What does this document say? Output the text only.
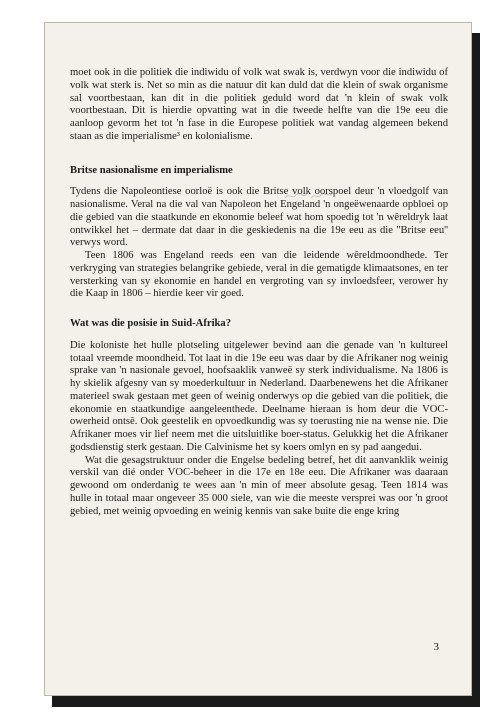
moet ook in die politiek die indiwidu of volk wat swak is, verdwyn voor die indiwidu of volk wat sterk is. Net so min as die natuur dit kan duld dat die klein of swak organisme sal voortbestaan, kan dit in die politiek geduld word dat 'n klein of swak volk voortbestaan. Dit is hierdie opvatting wat in die tweede helfte van die 19e eeu die aanloop gevorm het tot 'n fase in die Europese politiek wat vandag algemeen bekend staan as die imperialisme³ en kolonialisme.

Britse nasionalisme en imperialisme

Tydens die Napoleontiese oorloë is ook die Britse volk oorspoel deur 'n vloedgolf van nasionalisme. Veral na die val van Napoleon het Engeland 'n ongeëwenaarde opbloei op die gebied van die staatkunde en ekonomie beleef wat hom spoedig tot 'n wêreldryk laat ontwikkel het – dermate dat daar in die geskiedenis na die 19e eeu as die ''Britse eeu'' verwys word.

Teen 1806 was Engeland reeds een van die leidende wêreldmoondhede. Ter verkryging van strategies belangrike gebiede, veral in die gematigde klimaatsones, en ter versterking van sy ekonomie en handel en vergroting van sy invloedsfeer, verower hy die Kaap in 1806 – hierdie keer vir goed.

Wat was die posisie in Suid-Afrika?

Die koloniste het hulle plotseling uitgelewer bevind aan die genade van 'n kultureel totaal vreemde moondheid. Tot laat in die 19e eeu was daar by die Afrikaner nog weinig sprake van 'n nasionale gevoel, hoofsaaklik vanweë sy sterk individualisme. Na 1806 is hy skielik afgesny van sy moederkultuur in Nederland. Daarbenewens het die Afrikaner materieel swak gestaan met geen of weinig onderwys op die gebied van die politiek, die ekonomie en staatkundige aangeleenthede. Deelname hieraan is hom deur die VOC-owerheid ontsê. Ook geestelik en opvoedkundig was sy toerusting nie na wense nie. Die Afrikaner moes vir lief neem met die uitsluitlike boer-status. Gelukkig het die Afrikaner godsdienstig sterk gestaan. Die Calvinisme het sy koers omlyn en sy pad aangedui.

Wat die gesagstruktuur onder die Engelse bedeling betref, het dit aanvanklik weinig verskil van dié onder VOC-beheer in die 17e en 18e eeu. Die Afrikaner was daaraan gewoond om onderdanig te wees aan 'n min of meer absolute gesag. Teen 1814 was hulle in totaal maar ongeveer 35 000 siele, van wie die meeste versprei was oor 'n groot gebied, met weinig opvoeding en weinig kennis van sake buite die enge kring

3
